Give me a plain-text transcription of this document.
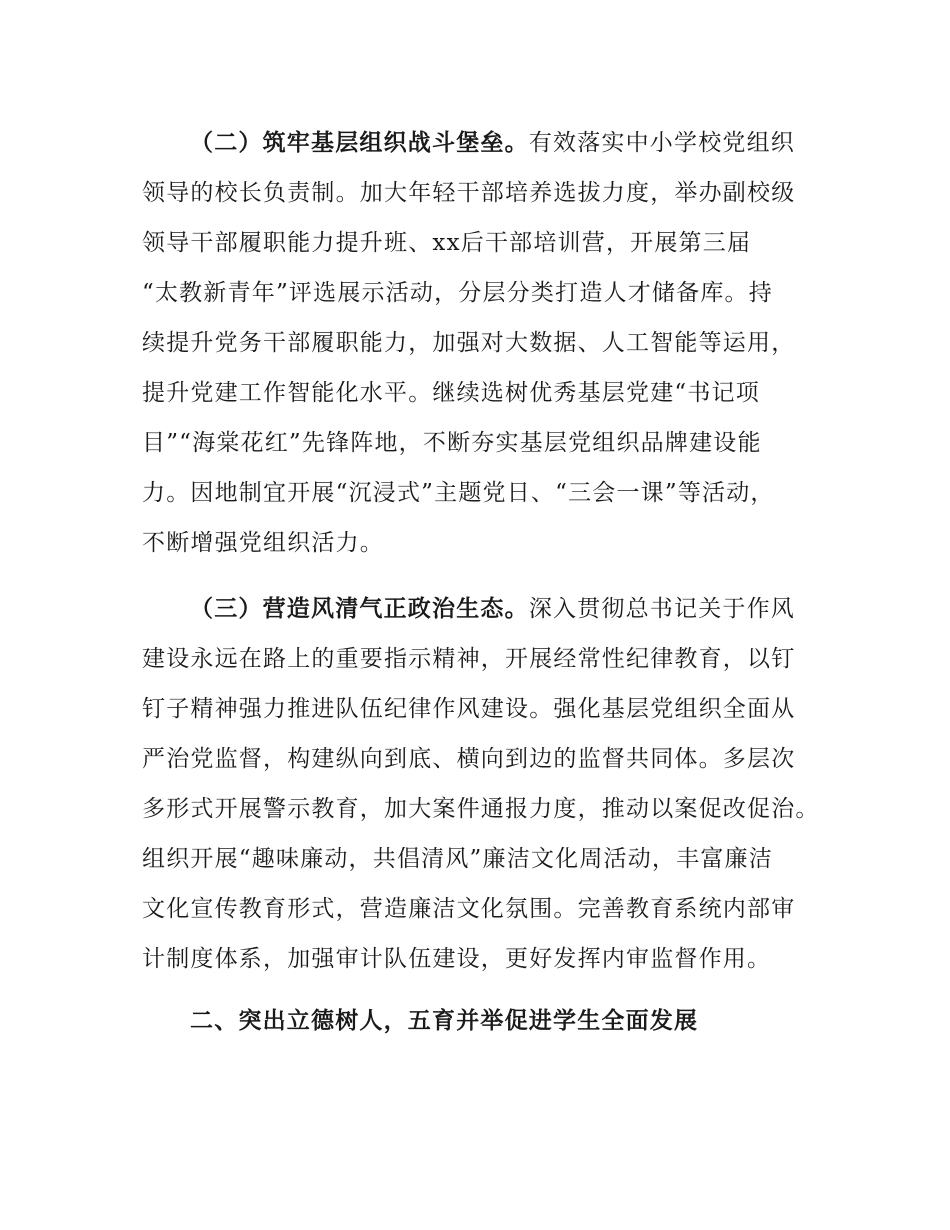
（二）筑牢基层组织战斗堡垒。有效落实中小学校党组织
领导的校长负责制。加大年轻干部培养选拔力度，举办副校级
领导干部履职能力提升班、xx后干部培训营，开展第三届
“太教新青年”评选展示活动，分层分类打造人才储备库。持
续提升党务干部履职能力，加强对大数据、人工智能等运用，
提升党建工作智能化水平。继续选树优秀基层党建“书记项
目”“海棠花红”先锋阵地，不断夯实基层党组织品牌建设能
力。因地制宜开展“沉浸式”主题党日、“三会一课”等活动，
不断增强党组织活力。
（三）营造风清气正政治生态。深入贯彻总书记关于作风
建设永远在路上的重要指示精神，开展经常性纪律教育，以钉
钉子精神强力推进队伍纪律作风建设。强化基层党组织全面从
严治党监督，构建纵向到底、横向到边的监督共同体。多层次
多形式开展警示教育，加大案件通报力度，推动以案促改促治。
组织开展“趣味廉动，共倡清风”廉洁文化周活动，丰富廉洁
文化宣传教育形式，营造廉洁文化氛围。完善教育系统内部审
计制度体系，加强审计队伍建设，更好发挥内审监督作用。
二、突出立德树人，五育并举促进学生全面发展
